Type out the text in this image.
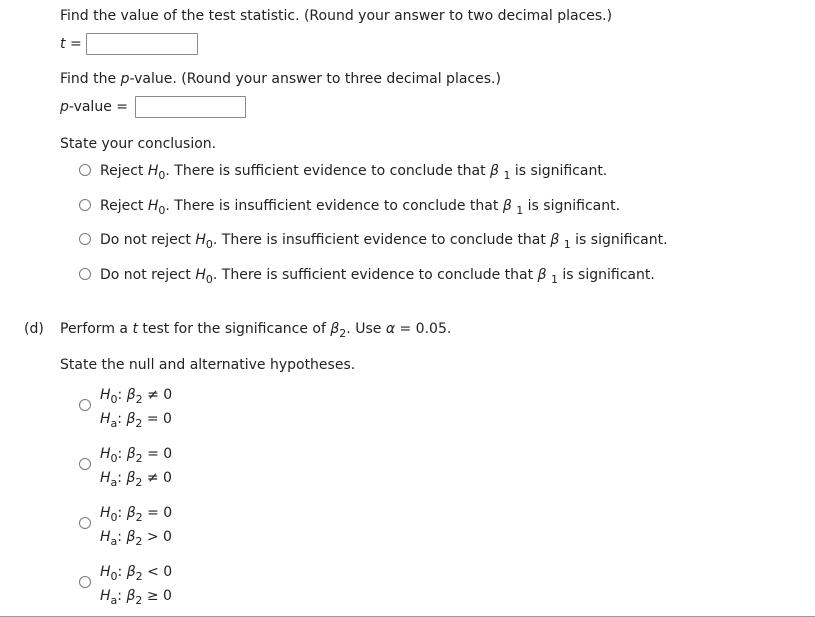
Find the value of the test statistic. (Round your answer to two decimal places.)
t =
Find the p-value. (Round your answer to three decimal places.)
p-value =
State your conclusion.
Reject $H_0$. There is sufficient evidence to conclude that β $_1$ is significant.
Reject $H_0$. There is insufficient evidence to conclude that β $_1$ is significant.
Do not reject $H_0$. There is insufficient evidence to conclude that β $_1$ is significant.
Do not reject $H_0$. There is sufficient evidence to conclude that β $_1$ is significant.
(d) Perform a t test for the significance of $\beta_2$. Use α = 0.05.
State the null and alternative hypotheses.
$H_0$: $\beta_2 \ne 0$
$H_a$: $\beta_2 = 0$
$H_0$: $\beta_2 = 0$
$H_a$: $\beta_2 \ne 0$
$H_0$: $\beta_2 = 0$
$H_a$: $\beta_2 > 0$
$H_0$: $\beta_2 < 0$
$H_a$: $\beta_2 \ge 0$
